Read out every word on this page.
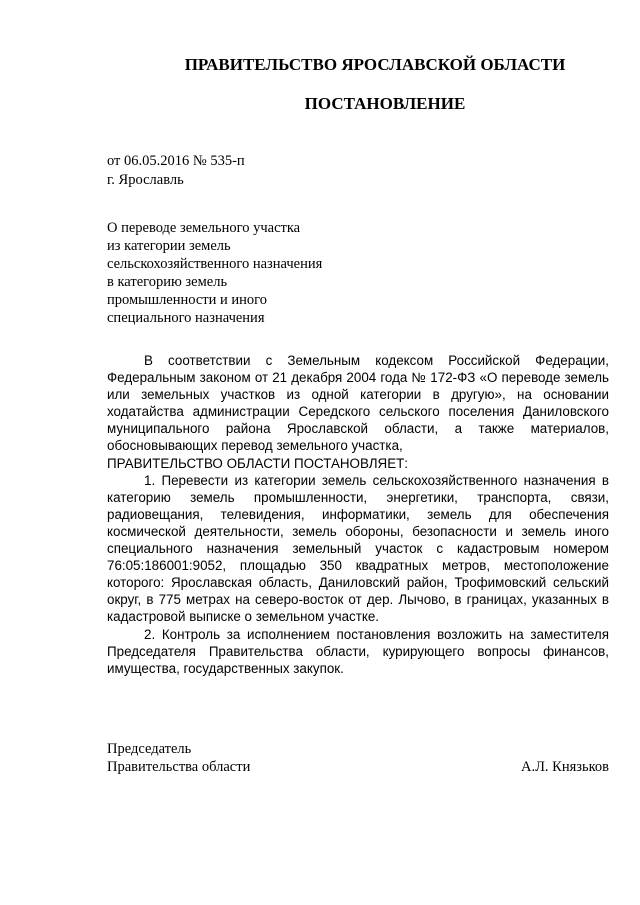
ПРАВИТЕЛЬСТВО ЯРОСЛАВСКОЙ ОБЛАСТИ
ПОСТАНОВЛЕНИЕ
от 06.05.2016 № 535-п
г. Ярославль
О переводе земельного участка
из категории земель
сельскохозяйственного назначения
в категорию земель
промышленности и иного
специального назначения

В соответствии с Земельным кодексом Российской Федерации, Федеральным законом от 21 декабря 2004 года № 172-ФЗ «О переводе земель или земельных участков из одной категории в другую», на основании ходатайства администрации Середского сельского поселения Даниловского муниципального района Ярославской области, а также материалов, обосновывающих перевод земельного участка,

ПРАВИТЕЛЬСТВО ОБЛАСТИ ПОСТАНОВЛЯЕТ:

1. Перевести из категории земель сельскохозяйственного назначения в категорию земель промышленности, энергетики, транспорта, связи, радиовещания, телевидения, информатики, земель для обеспечения космической деятельности, земель обороны, безопасности и земель иного специального назначения земельный участок с кадастровым номером 76:05:186001:9052, площадью 350 квадратных метров, местоположение которого: Ярославская область, Даниловский район, Трофимовский сельский округ, в 775 метрах на северо-восток от дер. Лычово, в границах, указанных в кадастровой выписке о земельном участке.

2. Контроль за исполнением постановления возложить на заместителя Председателя Правительства области, курирующего вопросы финансов, имущества, государственных закупок.

Председатель
Правительства области	А.Л. Князьков
